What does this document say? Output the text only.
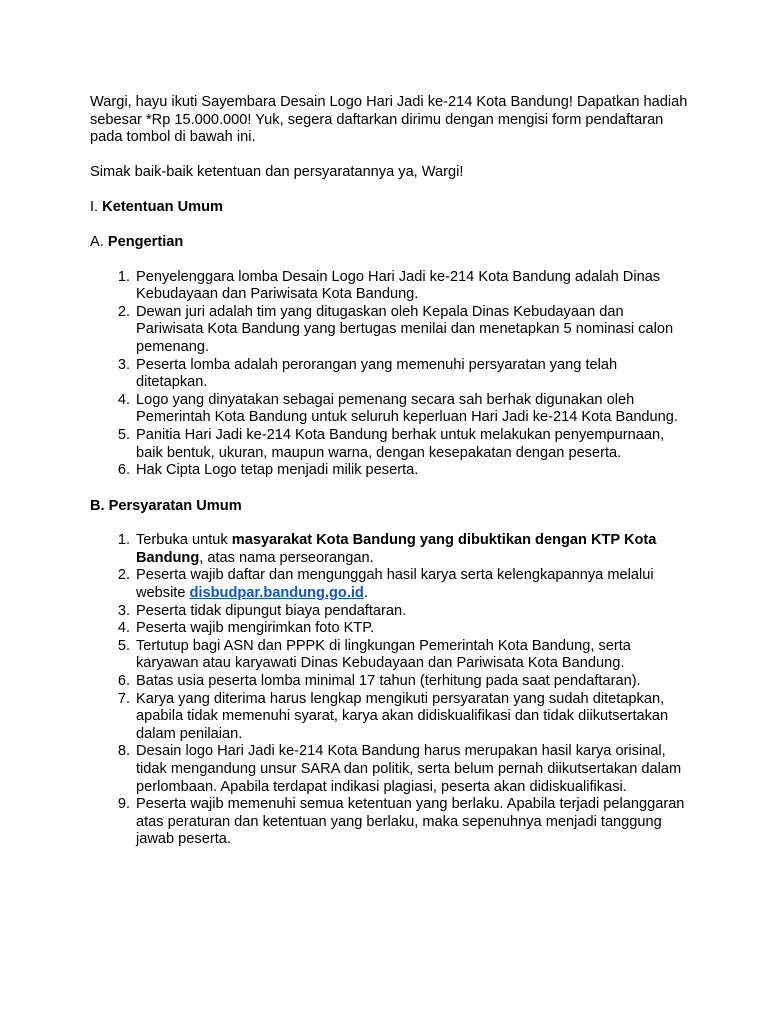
Wargi, hayu ikuti Sayembara Desain Logo Hari Jadi ke-214 Kota Bandung! Dapatkan hadiah sebesar *Rp 15.000.000! Yuk, segera daftarkan dirimu dengan mengisi form pendaftaran pada tombol di bawah ini.

Simak baik-baik ketentuan dan persyaratannya ya, Wargi!

I. Ketentuan Umum

A. Pengertian

1. Penyelenggara lomba Desain Logo Hari Jadi ke-214 Kota Bandung adalah Dinas Kebudayaan dan Pariwisata Kota Bandung.
2. Dewan juri adalah tim yang ditugaskan oleh Kepala Dinas Kebudayaan dan Pariwisata Kota Bandung yang bertugas menilai dan menetapkan 5 nominasi calon pemenang.
3. Peserta lomba adalah perorangan yang memenuhi persyaratan yang telah ditetapkan.
4. Logo yang dinyatakan sebagai pemenang secara sah berhak digunakan oleh Pemerintah Kota Bandung untuk seluruh keperluan Hari Jadi ke-214 Kota Bandung.
5. Panitia Hari Jadi ke-214 Kota Bandung berhak untuk melakukan penyempurnaan, baik bentuk, ukuran, maupun warna, dengan kesepakatan dengan peserta.
6. Hak Cipta Logo tetap menjadi milik peserta.

B. Persyaratan Umum

1. Terbuka untuk masyarakat Kota Bandung yang dibuktikan dengan KTP Kota Bandung, atas nama perseorangan.
2. Peserta wajib daftar dan mengunggah hasil karya serta kelengkapannya melalui website disbudpar.bandung.go.id.
3. Peserta tidak dipungut biaya pendaftaran.
4. Peserta wajib mengirimkan foto KTP.
5. Tertutup bagi ASN dan PPPK di lingkungan Pemerintah Kota Bandung, serta karyawan atau karyawati Dinas Kebudayaan dan Pariwisata Kota Bandung.
6. Batas usia peserta lomba minimal 17 tahun (terhitung pada saat pendaftaran).
7. Karya yang diterima harus lengkap mengikuti persyaratan yang sudah ditetapkan, apabila tidak memenuhi syarat, karya akan didiskualifikasi dan tidak diikutsertakan dalam penilaian.
8. Desain logo Hari Jadi ke-214 Kota Bandung harus merupakan hasil karya orisinal, tidak mengandung unsur SARA dan politik, serta belum pernah diikutsertakan dalam perlombaan. Apabila terdapat indikasi plagiasi, peserta akan didiskualifikasi.
9. Peserta wajib memenuhi semua ketentuan yang berlaku. Apabila terjadi pelanggaran atas peraturan dan ketentuan yang berlaku, maka sepenuhnya menjadi tanggung jawab peserta.
